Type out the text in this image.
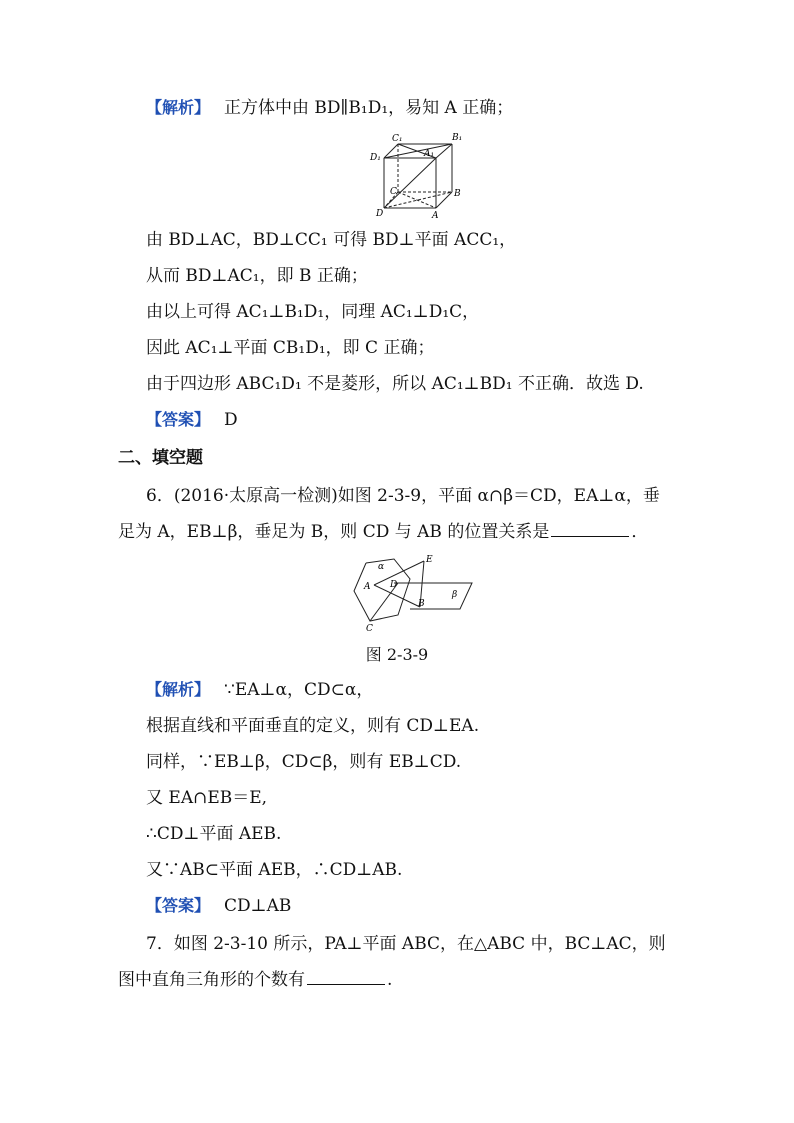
【解析】 正方体中由 BD∥B₁D₁，易知 A 正确；
C₁	B₁
D₁	A₁
C	B
D	A
由 BD⊥AC，BD⊥CC₁ 可得 BD⊥平面 ACC₁，
从而 BD⊥AC₁，即 B 正确；
由以上可得 AC₁⊥B₁D₁，同理 AC₁⊥D₁C，
因此 AC₁⊥平面 CB₁D₁，即 C 正确；
由于四边形 ABC₁D₁ 不是菱形，所以 AC₁⊥BD₁ 不正确．故选 D.
【答案】 D
二、填空题
6．(2016·太原高一检测)如图 2-3-9，平面 α∩β＝CD，EA⊥α，垂
足为 A，EB⊥β，垂足为 B，则 CD 与 AB 的位置关系是	．
α
E
A D
B
β
C
图 2-3-9
【解析】 ∵EA⊥α，CD⊂α，
根据直线和平面垂直的定义，则有 CD⊥EA.
同样，∵EB⊥β，CD⊂β，则有 EB⊥CD.
又 EA∩EB＝E,
∴CD⊥平面 AEB.
又∵AB⊂平面 AEB，∴CD⊥AB.
【答案】 CD⊥AB
7．如图 2-3-10 所示，PA⊥平面 ABC，在△ABC 中，BC⊥AC，则
图中直角三角形的个数有	.
